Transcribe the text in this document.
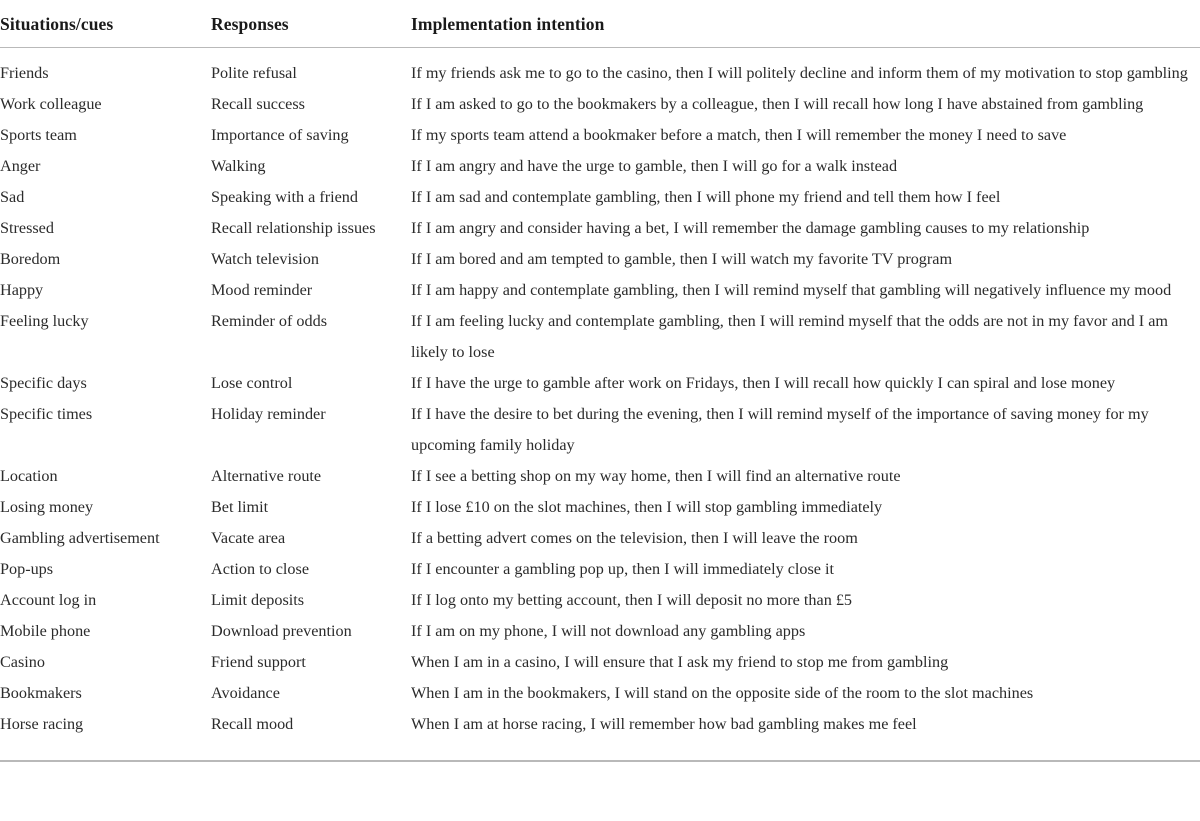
Situations/cues	Responses	Implementation intention
Friends	Polite refusal	If my friends ask me to go to the casino, then I will politely decline and inform them of my motivation to stop gambling
Work colleague	Recall success	If I am asked to go to the bookmakers by a colleague, then I will recall how long I have abstained from gambling
Sports team	Importance of saving	If my sports team attend a bookmaker before a match, then I will remember the money I need to save
Anger	Walking	If I am angry and have the urge to gamble, then I will go for a walk instead
Sad	Speaking with a friend	If I am sad and contemplate gambling, then I will phone my friend and tell them how I feel
Stressed	Recall relationship issues	If I am angry and consider having a bet, I will remember the damage gambling causes to my relationship
Boredom	Watch television	If I am bored and am tempted to gamble, then I will watch my favorite TV program
Happy	Mood reminder	If I am happy and contemplate gambling, then I will remind myself that gambling will negatively influence my mood
Feeling lucky	Reminder of odds	If I am feeling lucky and contemplate gambling, then I will remind myself that the odds are not in my favor and I am likely to lose
Specific days	Lose control	If I have the urge to gamble after work on Fridays, then I will recall how quickly I can spiral and lose money
Specific times	Holiday reminder	If I have the desire to bet during the evening, then I will remind myself of the importance of saving money for my upcoming family holiday
Location	Alternative route	If I see a betting shop on my way home, then I will find an alternative route
Losing money	Bet limit	If I lose £10 on the slot machines, then I will stop gambling immediately
Gambling advertisement	Vacate area	If a betting advert comes on the television, then I will leave the room
Pop-ups	Action to close	If I encounter a gambling pop up, then I will immediately close it
Account log in	Limit deposits	If I log onto my betting account, then I will deposit no more than £5
Mobile phone	Download prevention	If I am on my phone, I will not download any gambling apps
Casino	Friend support	When I am in a casino, I will ensure that I ask my friend to stop me from gambling
Bookmakers	Avoidance	When I am in the bookmakers, I will stand on the opposite side of the room to the slot machines
Horse racing	Recall mood	When I am at horse racing, I will remember how bad gambling makes me feel
